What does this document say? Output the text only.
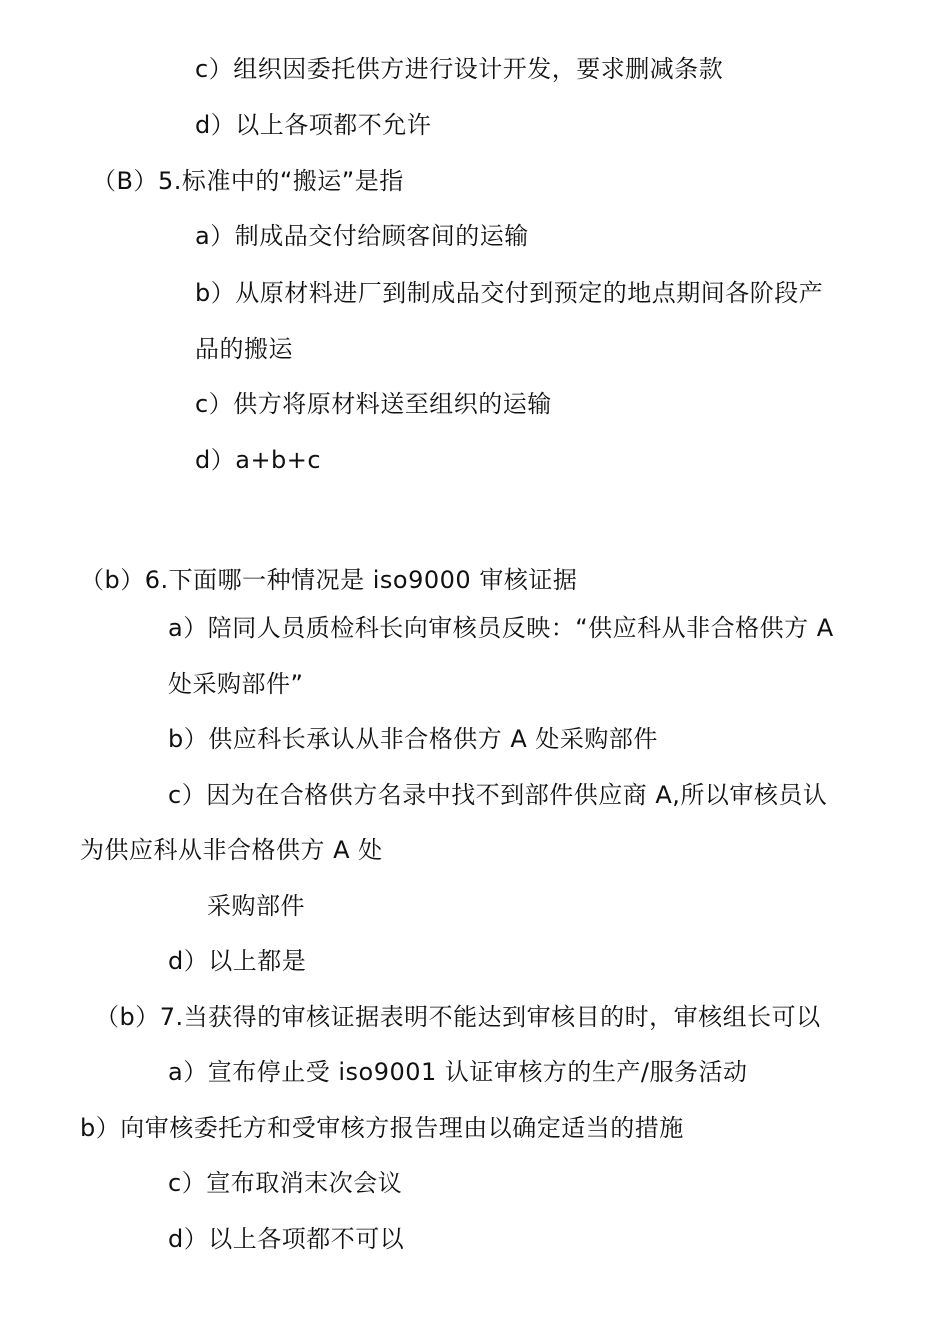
c）组织因委托供方进行设计开发，要求删减条款
d）以上各项都不允许
（B）5.标准中的“搬运”是指
a）制成品交付给顾客间的运输
b）从原材料进厂到制成品交付到预定的地点期间各阶段产
品的搬运
c）供方将原材料送至组织的运输
d）a+b+c
（b）6.下面哪一种情况是 iso9000 审核证据
a）陪同人员质检科长向审核员反映：“供应科从非合格供方 A
处采购部件”
b）供应科长承认从非合格供方 A 处采购部件
c）因为在合格供方名录中找不到部件供应商 A,所以审核员认
为供应科从非合格供方 A 处
采购部件
d）以上都是
（b）7.当获得的审核证据表明不能达到审核目的时，审核组长可以
a）宣布停止受 iso9001 认证审核方的生产/服务活动
b）向审核委托方和受审核方报告理由以确定适当的措施
c）宣布取消末次会议
d）以上各项都不可以
